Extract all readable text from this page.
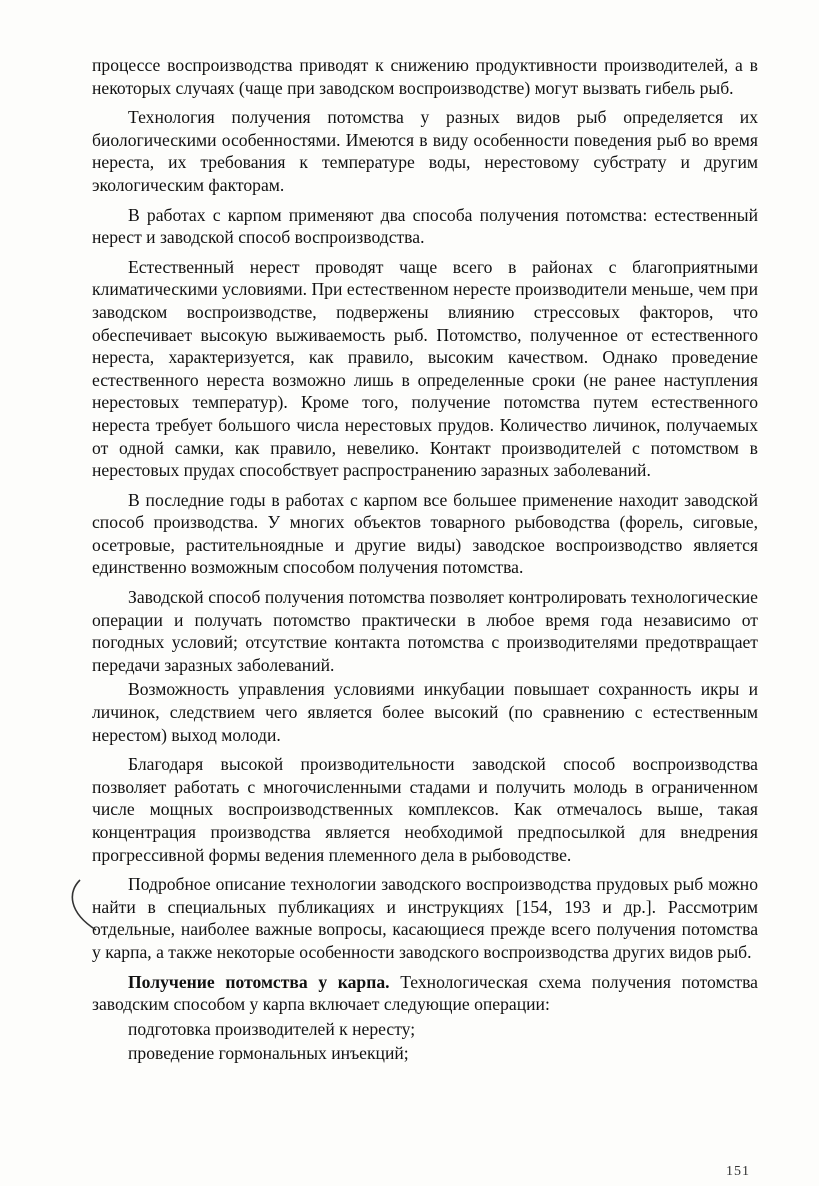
процессе воспроизводства приводят к снижению продуктивности производителей, а в некоторых случаях (чаще при заводском воспроизводстве) могут вызвать гибель рыб.

Технология получения потомства у разных видов рыб определяется их биологическими особенностями. Имеются в виду особенности поведения рыб во время нереста, их требования к температуре воды, нерестовому субстрату и другим экологическим факторам.

В работах с карпом применяют два способа получения потомства: естественный нерест и заводской способ воспроизводства.

Естественный нерест проводят чаще всего в районах с благоприятными климатическими условиями. При естественном нересте производители меньше, чем при заводском воспроизводстве, подвержены влиянию стрессовых факторов, что обеспечивает высокую выживаемость рыб. Потомство, полученное от естественного нереста, характеризуется, как правило, высоким качеством. Однако проведение естественного нереста возможно лишь в определенные сроки (не ранее наступления нерестовых температур). Кроме того, получение потомства путем естественного нереста требует большого числа нерестовых прудов. Количество личинок, получаемых от одной самки, как правило, невелико. Контакт производителей с потомством в нерестовых прудах способствует распространению заразных заболеваний.

В последние годы в работах с карпом все большее применение находит заводской способ производства. У многих объектов товарного рыбоводства (форель, сиговые, осетровые, растительноядные и другие виды) заводское воспроизводство является единственно возможным способом получения потомства.

Заводской способ получения потомства позволяет контролировать технологические операции и получать потомство практически в любое время года независимо от погодных условий; отсутствие контакта потомства с производителями предотвращает передачи заразных заболеваний.

Возможность управления условиями инкубации повышает сохранность икры и личинок, следствием чего является более высокий (по сравнению с естественным нерестом) выход молоди.

Благодаря высокой производительности заводской способ воспроизводства позволяет работать с многочисленными стадами и получить молодь в ограниченном числе мощных воспроизводственных комплексов. Как отмечалось выше, такая концентрация производства является необходимой предпосылкой для внедрения прогрессивной формы ведения племенного дела в рыбоводстве.

Подробное описание технологии заводского воспроизводства прудовых рыб можно найти в специальных публикациях и инструкциях [154, 193 и др.]. Рассмотрим отдельные, наиболее важные вопросы, касающиеся прежде всего получения потомства у карпа, а также некоторые особенности заводского воспроизводства других видов рыб.

Получение потомства у карпа. Технологическая схема получения потомства заводским способом у карпа включает следующие операции:

подготовка производителей к нересту;

проведение гормональных инъекций;

151
